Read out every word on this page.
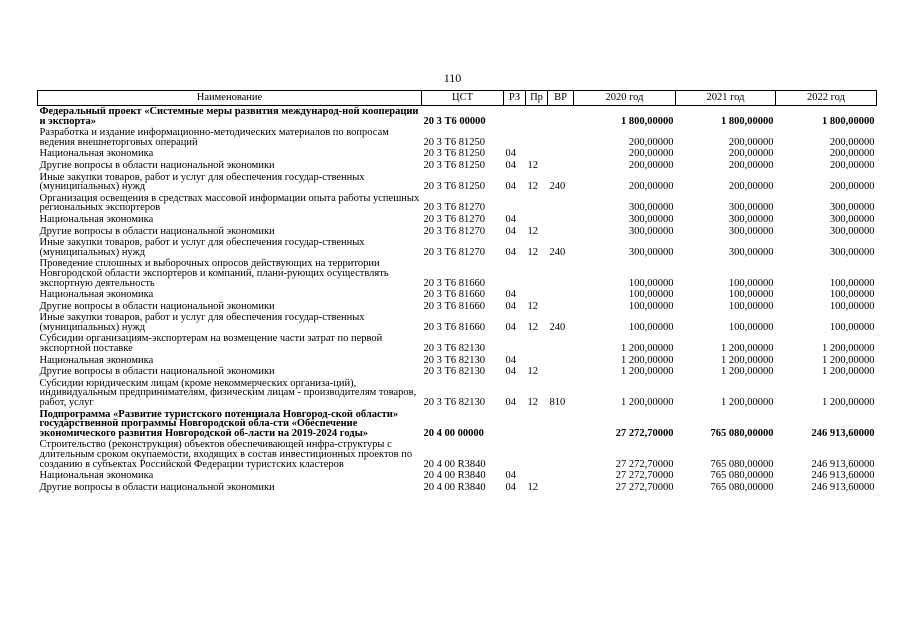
110
Наименование	ЦСТ	РЗ	Пр	ВР	2020 год	2021 год	2022 год
Федеральный проект «Системные меры развития международ-ной кооперации и экспорта»	20 3 Т6 00000				1 800,00000	1 800,00000	1 800,00000
Разработка и издание информационно-методических материалов по вопросам ведения внешнеторговых операций	20 3 Т6 81250				200,00000	200,00000	200,00000
Национальная экономика	20 3 Т6 81250	04			200,00000	200,00000	200,00000
Другие вопросы в области национальной экономики	20 3 Т6 81250	04	12		200,00000	200,00000	200,00000
Иные закупки товаров, работ и услуг для обеспечения государ-ственных (муниципальных) нужд	20 3 Т6 81250	04	12	240	200,00000	200,00000	200,00000
Организация освещения в средствах массовой информации опыта работы успешных региональных экспортеров	20 3 Т6 81270				300,00000	300,00000	300,00000
Национальная экономика	20 3 Т6 81270	04			300,00000	300,00000	300,00000
Другие вопросы в области национальной экономики	20 3 Т6 81270	04	12		300,00000	300,00000	300,00000
Иные закупки товаров, работ и услуг для обеспечения государ-ственных (муниципальных) нужд	20 3 Т6 81270	04	12	240	300,00000	300,00000	300,00000
Проведение сплошных и выборочных опросов действующих на территории Новгородской области экспортеров и компаний, плани-рующих осуществлять экспортную деятельность	20 3 Т6 81660				100,00000	100,00000	100,00000
Национальная экономика	20 3 Т6 81660	04			100,00000	100,00000	100,00000
Другие вопросы в области национальной экономики	20 3 Т6 81660	04	12		100,00000	100,00000	100,00000
Иные закупки товаров, работ и услуг для обеспечения государ-ственных (муниципальных) нужд	20 3 Т6 81660	04	12	240	100,00000	100,00000	100,00000
Субсидии организациям-экспортерам на возмещение части затрат по первой экспортной поставке	20 3 Т6 82130				1 200,00000	1 200,00000	1 200,00000
Национальная экономика	20 3 Т6 82130	04			1 200,00000	1 200,00000	1 200,00000
Другие вопросы в области национальной экономики	20 3 Т6 82130	04	12		1 200,00000	1 200,00000	1 200,00000
Субсидии юридическим лицам (кроме некоммерческих организа-ций), индивидуальным предпринимателям, физическим лицам - производителям товаров, работ, услуг	20 3 Т6 82130	04	12	810	1 200,00000	1 200,00000	1 200,00000
Подпрограмма «Развитие туристского потенциала Новгород-ской области» государственной программы Новгородской обла-сти «Обеспечение экономического развития Новгородской об-ласти на 2019-2024 годы»	20 4 00 00000				27 272,70000	765 080,00000	246 913,60000
Строительство (реконструкция) объектов обеспечивающей инфра-структуры с длительным сроком окупаемости, входящих в состав инвестиционных проектов по созданию в субъектах Российской Федерации туристских кластеров	20 4 00 R3840				27 272,70000	765 080,00000	246 913,60000
Национальная экономика	20 4 00 R3840	04			27 272,70000	765 080,00000	246 913,60000
Другие вопросы в области национальной экономики	20 4 00 R3840	04	12		27 272,70000	765 080,00000	246 913,60000
